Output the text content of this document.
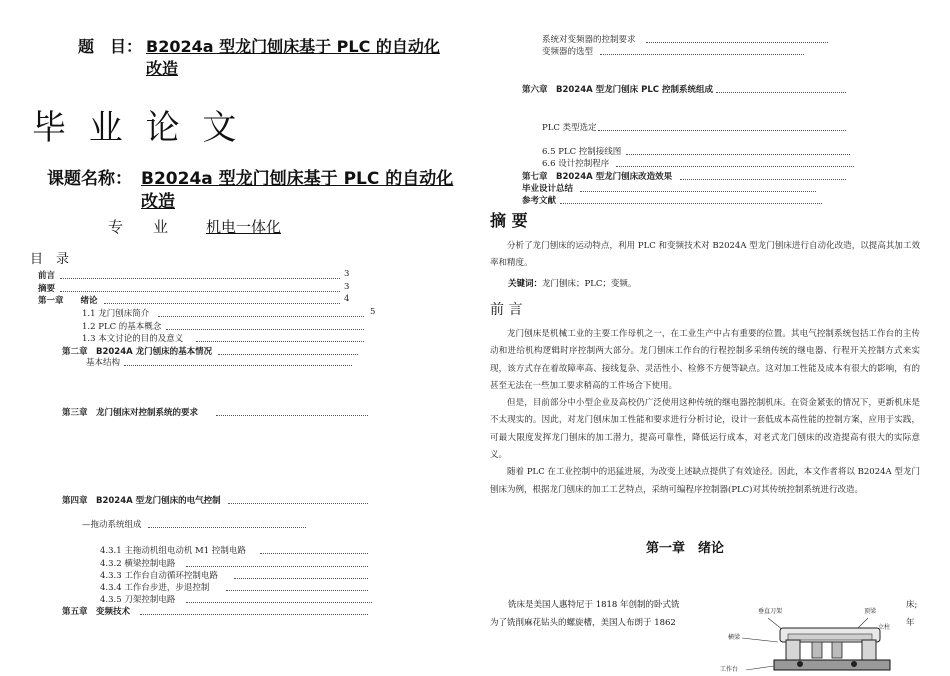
题　目： B2024a 型龙门刨床基于 PLC 的自动化
改造
毕 业 论 文
课题名称： B2024a 型龙门刨床基于 PLC 的自动化
改造
专　　业	机电一体化
目　录
前言	3
摘要	3
第一章　　绪论	4
1.1 龙门刨床简介	5
1.2 PLC 的基本概念
1.3 本文讨论的目的及意义
第二章　B2024A 龙门刨床的基本情况
基本结构
第三章　龙门刨床对控制系统的要求
第四章　B2024A 型龙门刨床的电气控制
—拖动系统组成
4.3.1 主拖动机组电动机 M1 控制电路
4.3.2 横梁控制电路
4.3.3 工作台自动循环控制电路
4.3.4 工作台步进，步退控制
4.3.5 刀架控制电路
第五章　变频技术
系统对变频器的控制要求
变频器的选型
第六章　B2024A 型龙门刨床 PLC 控制系统组成
PLC 类型选定
6.5 PLC 控制接线图
6.6 设计控制程序
第七章　B2024A 型龙门刨床改造效果
毕业设计总结
参考文献
摘 要

分析了龙门刨床的运动特点，利用 PLC 和变频技术对 B2024A 型龙门刨床进行自动化改造，以提高其加工效率和精度。

关键词：龙门刨床；PLC；变频。
前 言

龙门刨床是机械工业的主要工作母机之一，在工业生产中占有重要的位置。其电气控制系统包括工作台的主传动和进给机构逻辑时序控制两大部分。龙门刨床工作台的行程控制多采纳传统的继电器、行程开关控制方式来实现，该方式存在着故障率高、接线复杂、灵活性小、检修不方便等缺点。这对加工性能及成本有很大的影响，有的甚至无法在一些加工要求稍高的工件场合下使用。

但是，目前部分中小型企业及高校仍广泛使用这种传统的继电器控制机床。在资金紧张的情况下，更新机床是不太现实的。因此，对龙门刨床加工性能和要求进行分析讨论，设计一套低成本高性能的控制方案，应用于实践，可最大限度发挥龙门刨床的加工潜力，提高可靠性，降低运行成本，对老式龙门刨床的改造提高有很大的实际意义。

随着 PLC 在工业控制中的迅猛进展，为改变上述缺点提供了有效途径。因此，本文作者将以 B2024A 型龙门刨床为例，根据龙门刨床的加工工艺特点，采纳可编程序控制器(PLC)对其传统控制系统进行改造。

第一章　绪论
铣床是美国人惠特尼于 1818 年创制的卧式铣
为了铣削麻花钻头的螺旋槽，美国人布朗于 1862
床;
年
垂直刀架	顶梁
立柱
横梁
工作台
